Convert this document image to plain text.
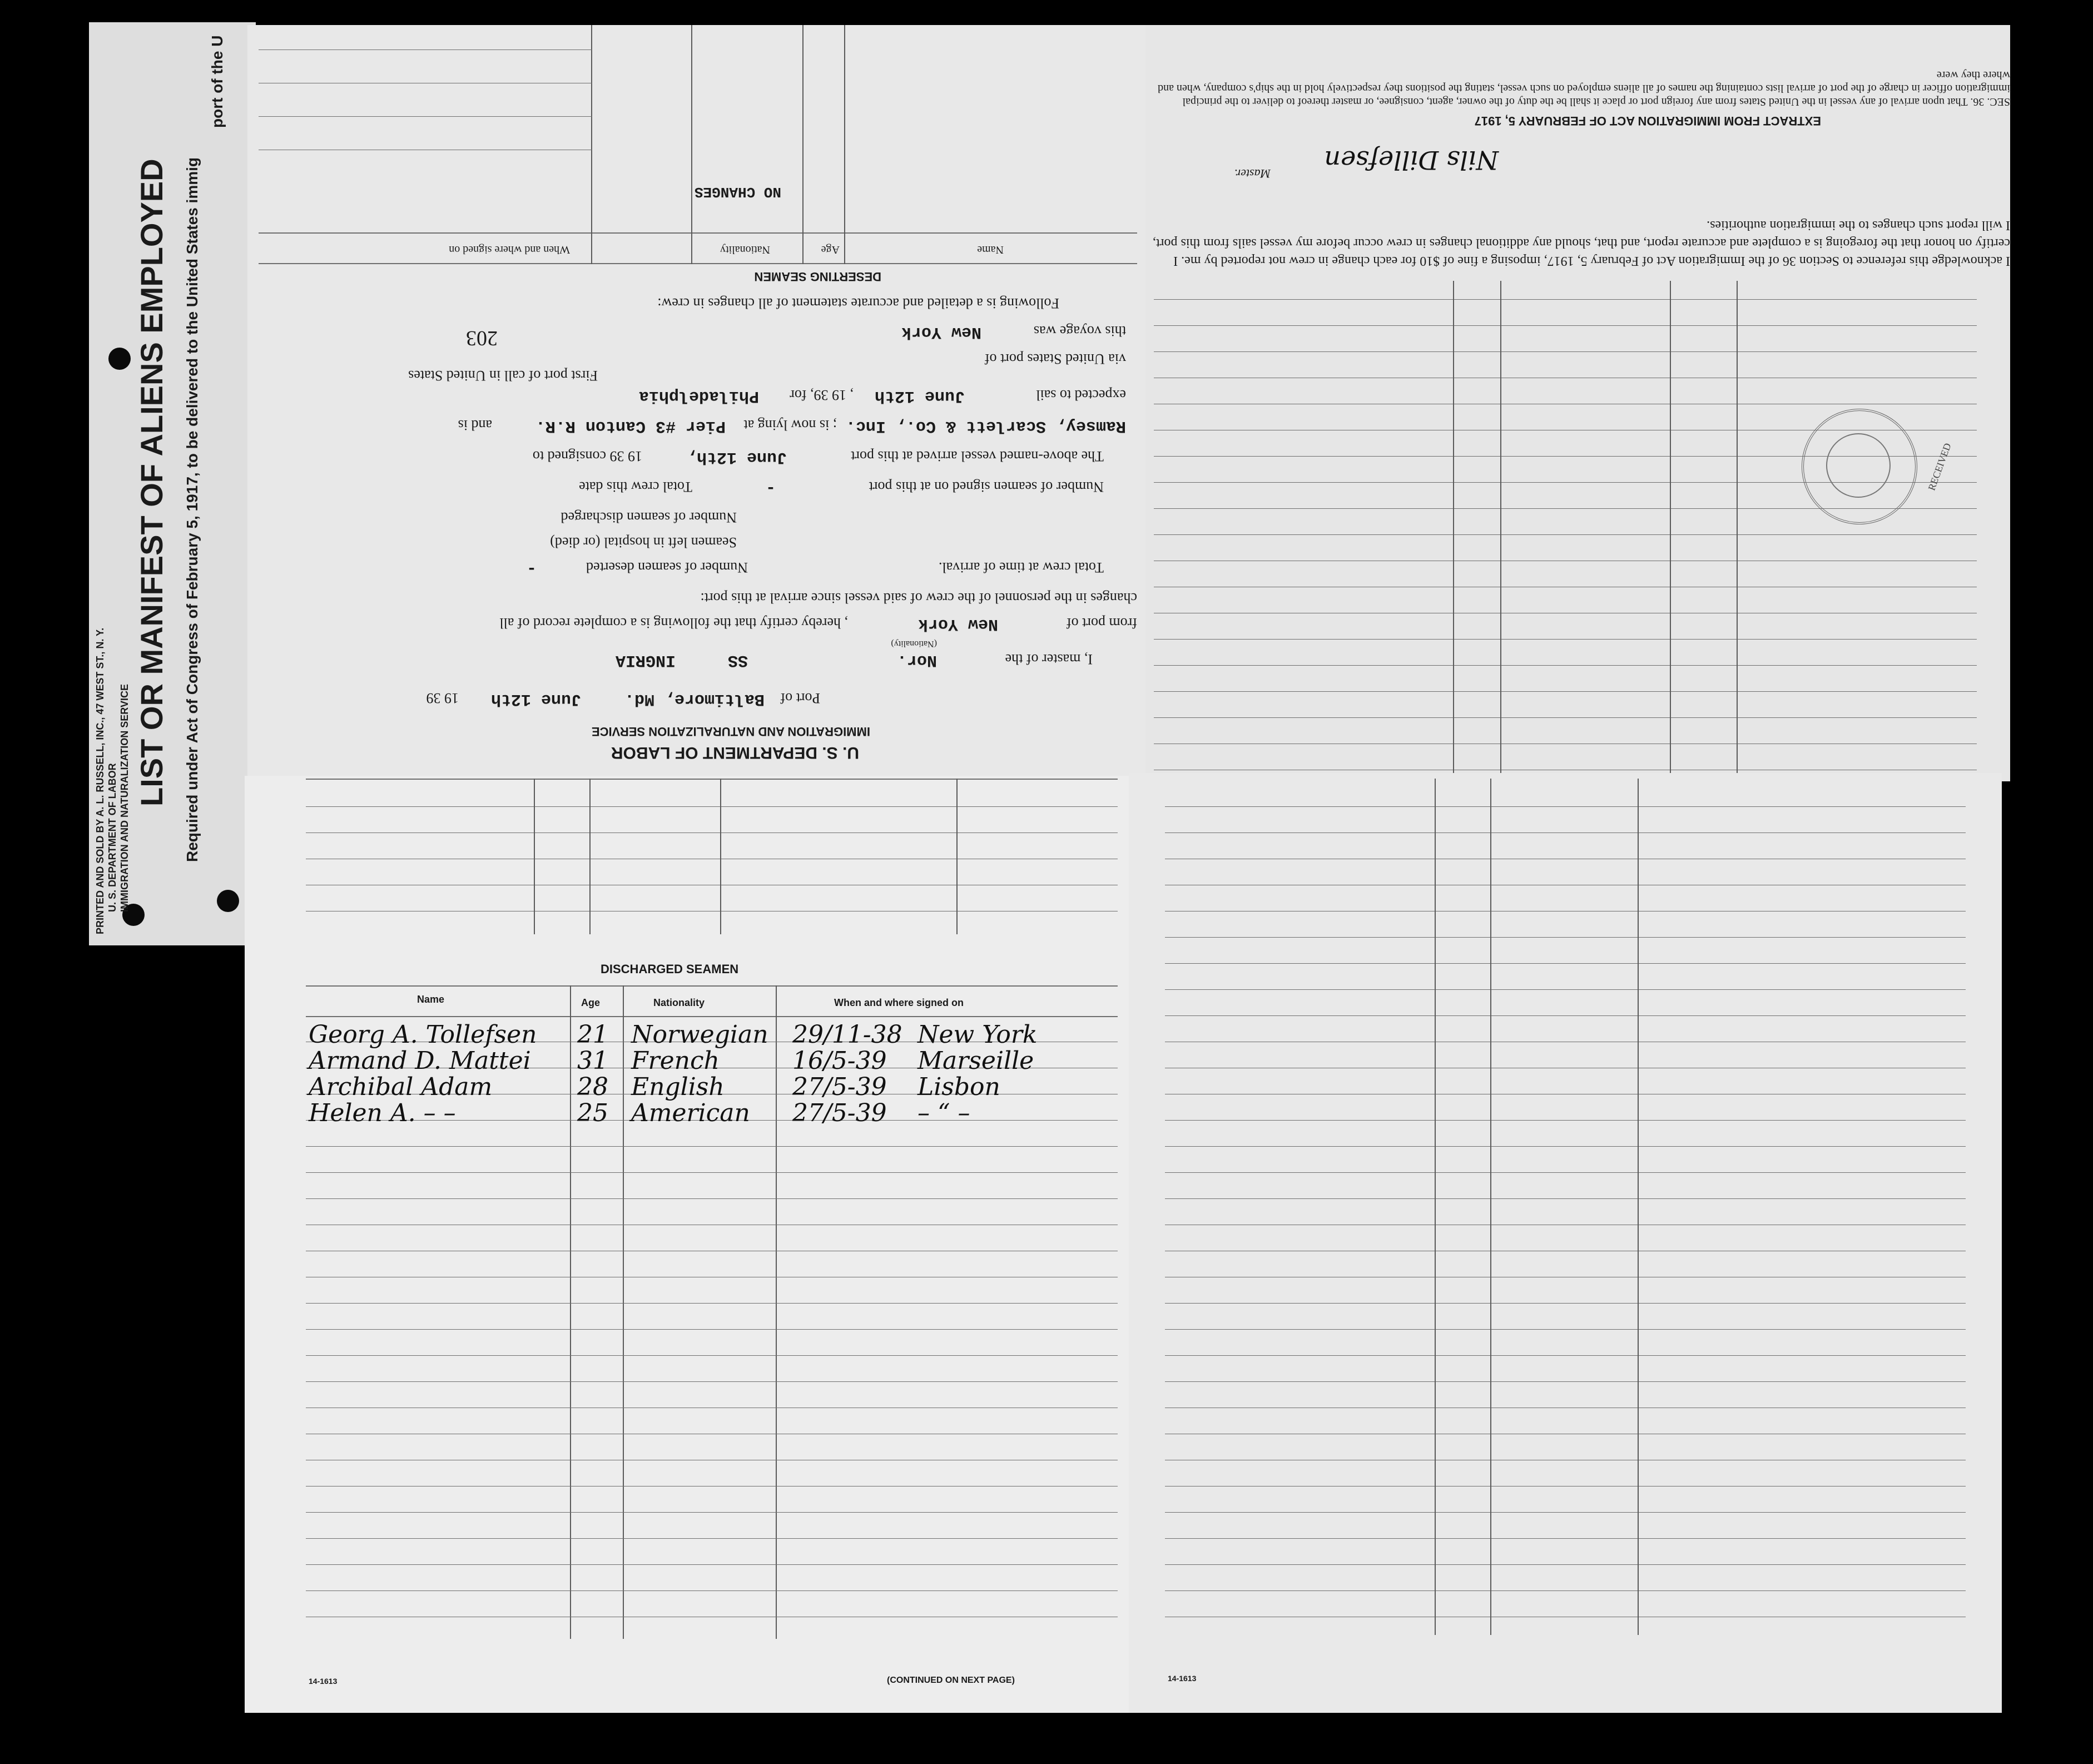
PRINTED AND SOLD BY A. L. RUSSELL, INC., 47 WEST ST., N. Y. U. S. DEPARTMENT OF LABOR IMMIGRATION AND NATURALIZATION SERVICE LIST OR MANIFEST OF ALIENS EMPLOYED Required under Act of Congress of February 5, 1917, to be delivered to the United States immig
port of the U
U. S. DEPARTMENT OF LABOR
IMMIGRATION AND NATURALIZATION SERVICE
Port of
Baltimore, Md.
June 12th
19 39
I, master of the
Nor.
(Nationality)
SS
INGRIA
from port of
New York
, hereby certify that the following is a complete record of all
changes in the personnel of the crew of said vessel since arrival at this port:
Total crew at time of arrival.
Number of seamen deserted
-
Seamen left in hospital (or died)
Number of seamen discharged
Number of seamen signed on at this port
-
Total crew this date
The above-named vessel arrived at this port
June 12th,
19 39 consigned to
Ramsey, Scarlett & Co., Inc.
; is now lying at
Pier #3 Canton R.R.
and is
expected to sail
June 12th
, 19 39, for
Philadelphia
First port of call in United States
via United States port of
this voyage was
New York
203
Following is a detailed and accurate statement of all changes in crew:
DESERTING SEAMEN
Name
Age
Nationality
When and where signed on
NO CHANGES
I acknowledge this reference to Section 36 of the Immigration Act of February 5, 1917, imposing a fine of $10 for each change in crew not reported by me. I certify on honor that the foregoing is a complete and accurate report, and that, should any additional changes in crew occur before my vessel sails from this port, I will report such changes to the immigration authorities.
Nils Dillefsen
Master.
EXTRACT FROM IMMIGRATION ACT OF FEBRUARY 5, 1917
SEC. 36. That upon arrival of any vessel in the United States from any foreign port or place it shall be the duty of the owner, agent, consignee, or master thereof to deliver to the principal immigration officer in charge of the port of arrival lists containing the names of all aliens employed on such vessel, stating the positions they respectively hold in the ship's company, when and where they were
RECEIVED
DISCHARGED SEAMEN
Name	Age	Nationality	When and where signed on
Georg A. Tollefsen 21 Norwegian 29/11-38 New York
Armand D. Mattei 31 French	16/5-39 Marseille
Archibal Adam	28 English	27/5-39 Lisbon
Helen A. – –	25 American 27/5-39 – “ –
14-1613	(CONTINUED ON NEXT PAGE)	14-1613
